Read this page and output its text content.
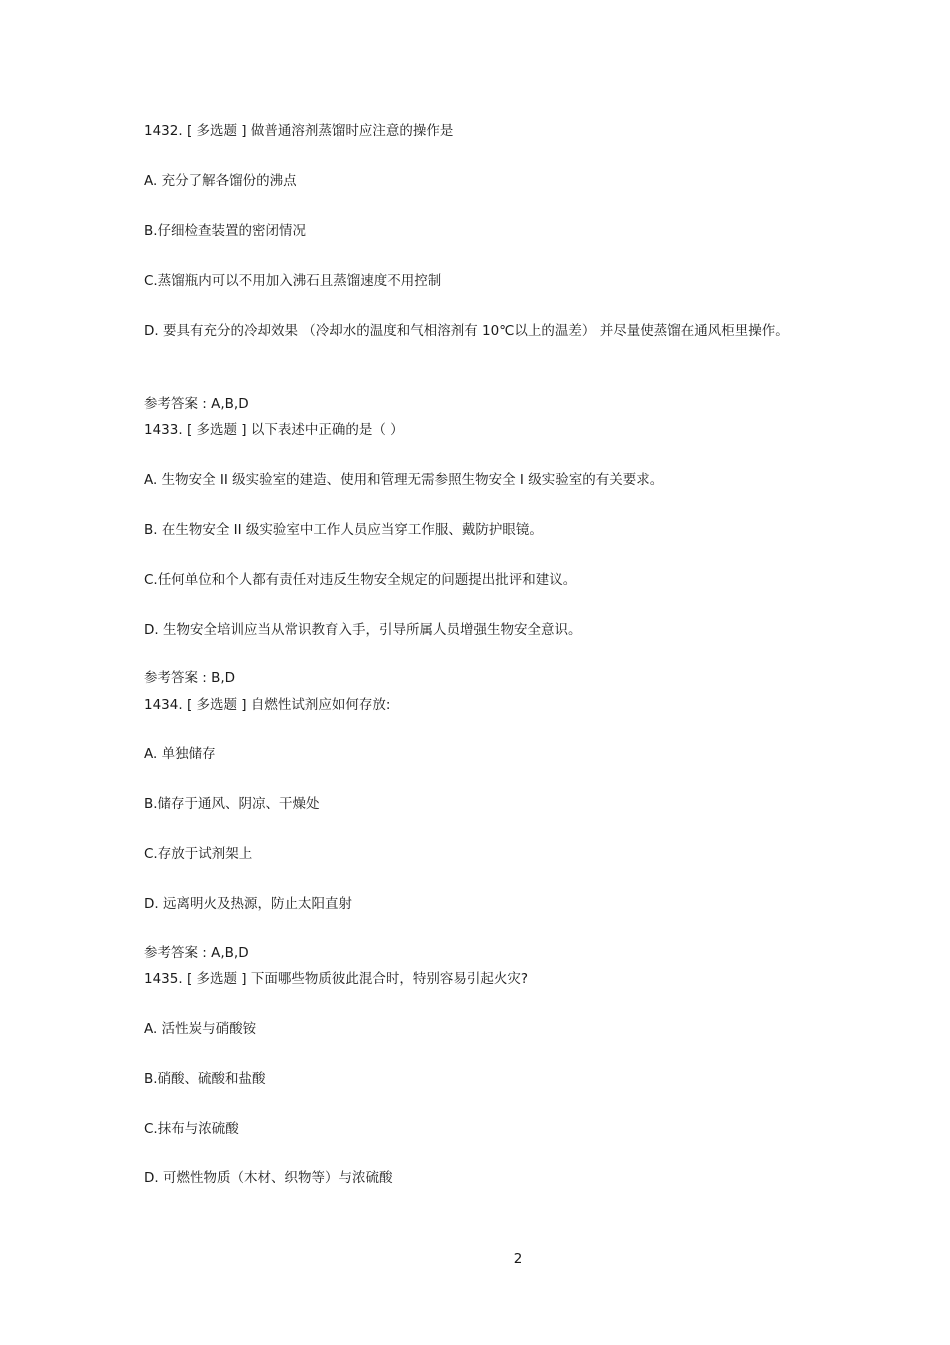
1432. [ 多选题 ] 做普通溶剂蒸馏时应注意的操作是
A. 充分了解各馏份的沸点
B.仔细检查装置的密闭情况
C.蒸馏瓶内可以不用加入沸石且蒸馏速度不用控制
D. 要具有充分的冷却效果 （冷却水的温度和气相溶剂有 10℃以上的温差） 并尽量使蒸馏在通风柜里操作。
参考答案 : A,B,D
1433. [ 多选题 ] 以下表述中正确的是（ ）
A. 生物安全 II 级实验室的建造、使用和管理无需参照生物安全 I 级实验室的有关要求。
B. 在生物安全 II 级实验室中工作人员应当穿工作服、戴防护眼镜。
C.任何单位和个人都有责任对违反生物安全规定的问题提出批评和建议。
D. 生物安全培训应当从常识教育入手，引导所属人员增强生物安全意识。
参考答案 : B,D
1434. [ 多选题 ] 自燃性试剂应如何存放:
A. 单独储存
B.储存于通风、阴凉、干燥处
C.存放于试剂架上
D. 远离明火及热源，防止太阳直射
参考答案 : A,B,D
1435. [ 多选题 ] 下面哪些物质彼此混合时，特别容易引起火灾?
A. 活性炭与硝酸铵
B.硝酸、硫酸和盐酸
C.抹布与浓硫酸
D. 可燃性物质（木材、织物等）与浓硫酸
2
